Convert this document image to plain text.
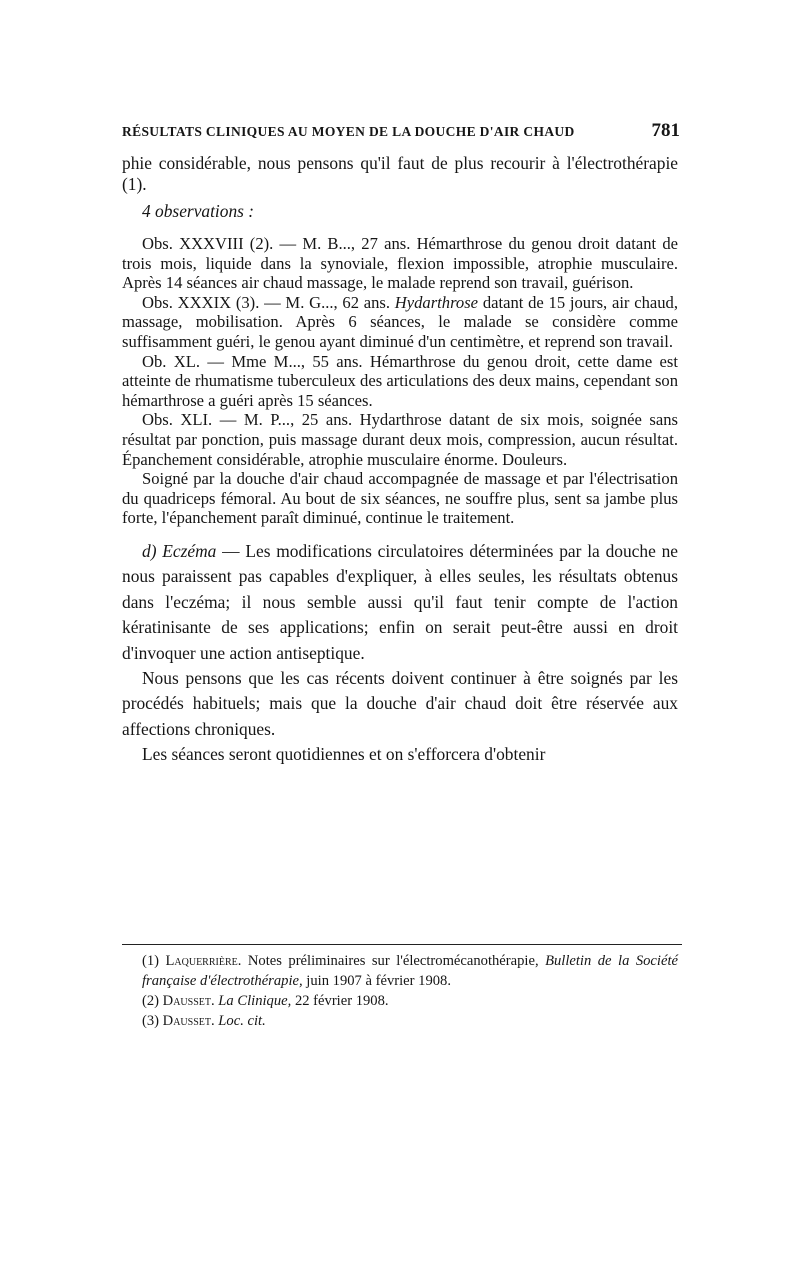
RÉSULTATS CLINIQUES AU MOYEN DE LA DOUCHE D'AIR CHAUD	781

phie considérable, nous pensons qu'il faut de plus recourir à l'électrothérapie (1).

4 observations :

Obs. XXXVIII (2). — M. B..., 27 ans. Hémarthrose du genou droit datant de trois mois, liquide dans la synoviale, flexion impossible, atrophie musculaire. Après 14 séances air chaud massage, le malade reprend son travail, guérison.

Obs. XXXIX (3). — M. G..., 62 ans. Hydarthrose datant de 15 jours, air chaud, massage, mobilisation. Après 6 séances, le malade se considère comme suffisamment guéri, le genou ayant diminué d'un centimètre, et reprend son travail.

Ob. XL. — Mme M..., 55 ans. Hémarthrose du genou droit, cette dame est atteinte de rhumatisme tuberculeux des articulations des deux mains, cependant son hémarthrose a guéri après 15 séances.

Obs. XLI. — M. P..., 25 ans. Hydarthrose datant de six mois, soignée sans résultat par ponction, puis massage durant deux mois, compression, aucun résultat. Épanchement considérable, atrophie musculaire énorme. Douleurs.

Soigné par la douche d'air chaud accompagnée de massage et par l'électrisation du quadriceps fémoral. Au bout de six séances, ne souffre plus, sent sa jambe plus forte, l'épanchement paraît diminué, continue le traitement.

d) Eczéma — Les modifications circulatoires déterminées par la douche ne nous paraissent pas capables d'expliquer, à elles seules, les résultats obtenus dans l'eczéma; il nous semble aussi qu'il faut tenir compte de l'action kératinisante de ses applications; enfin on serait peut-être aussi en droit d'invoquer une action antiseptique.

Nous pensons que les cas récents doivent continuer à être soignés par les procédés habituels; mais que la douche d'air chaud doit être réservée aux affections chroniques.

Les séances seront quotidiennes et on s'efforcera d'obtenir

(1) Laquerrière. Notes préliminaires sur l'électromécanothérapie, Bulletin de la Société française d'électrothérapie, juin 1907 à février 1908.

(2) Dausset. La Clinique, 22 février 1908.

(3) Dausset. Loc. cit.
